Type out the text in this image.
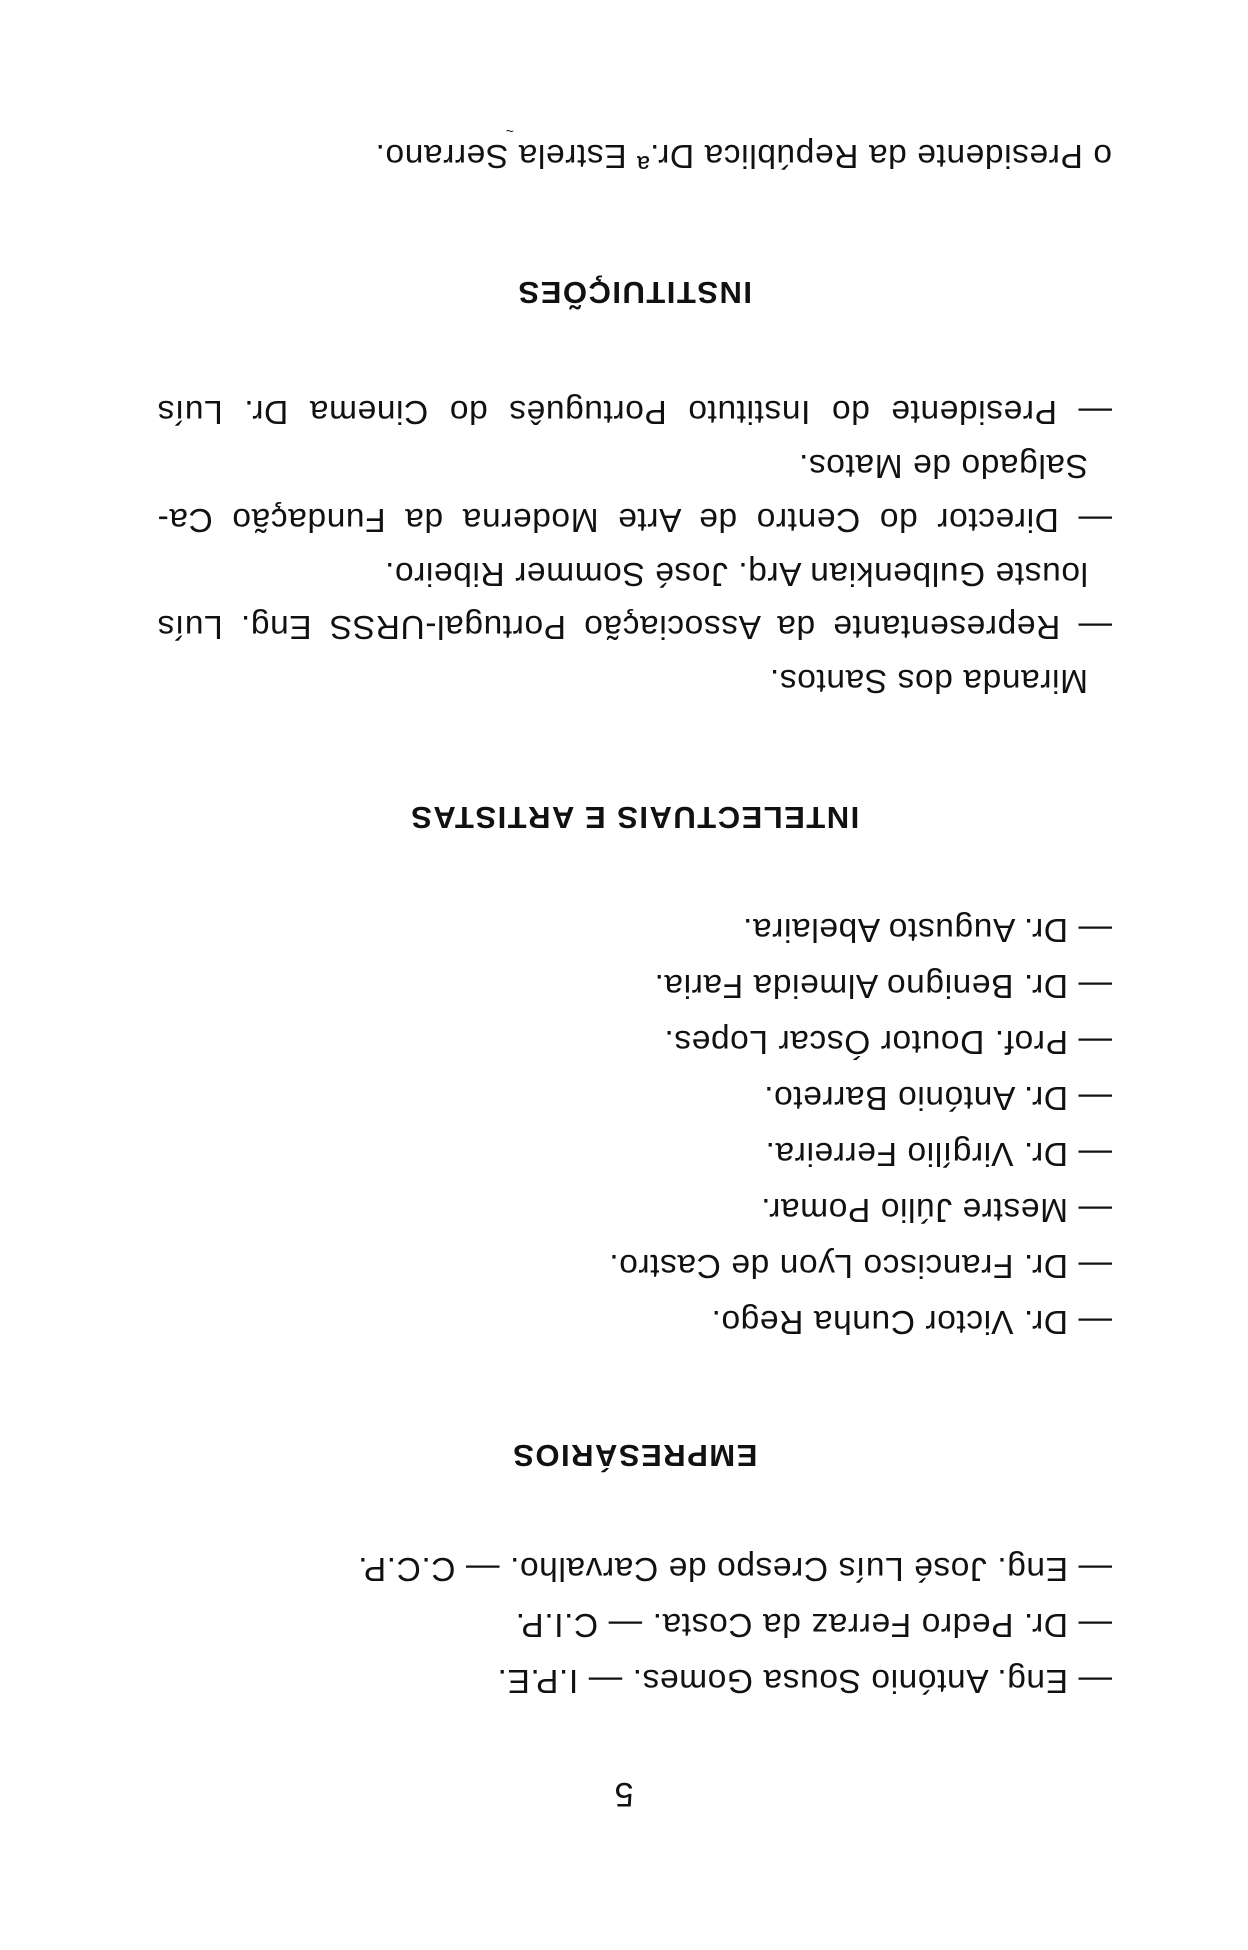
o Presidente da República Dr.ª Estrela Serrano.
~
INSTITUIÇÕES
— Presidente do Instituto Português do Cinema Dr. Luís
Salgado de Matos.
— Director do Centro de Arte Moderna da Fundação Ca-
louste Gulbenkian Arq. José Sommer Ribeiro.
— Representante da Associação Portugal-URSS Eng. Luís
Miranda dos Santos.
INTELECTUAIS E ARTISTAS
— Dr. Augusto Abelaira.
— Dr. Benigno Almeida Faria.
— Prof. Doutor Óscar Lopes.
— Dr. António Barreto.
— Dr. Virgílio Ferreira.
— Mestre Júlio Pomar.
— Dr. Francisco Lyon de Castro.
— Dr. Victor Cunha Rego.
EMPRESÁRIOS
— Eng. José Luís Crespo de Carvalho. — C.C.P.
— Dr. Pedro Ferraz da Costa. — C.I.P.
— Eng. António Sousa Gomes. — I.P.E.
5
